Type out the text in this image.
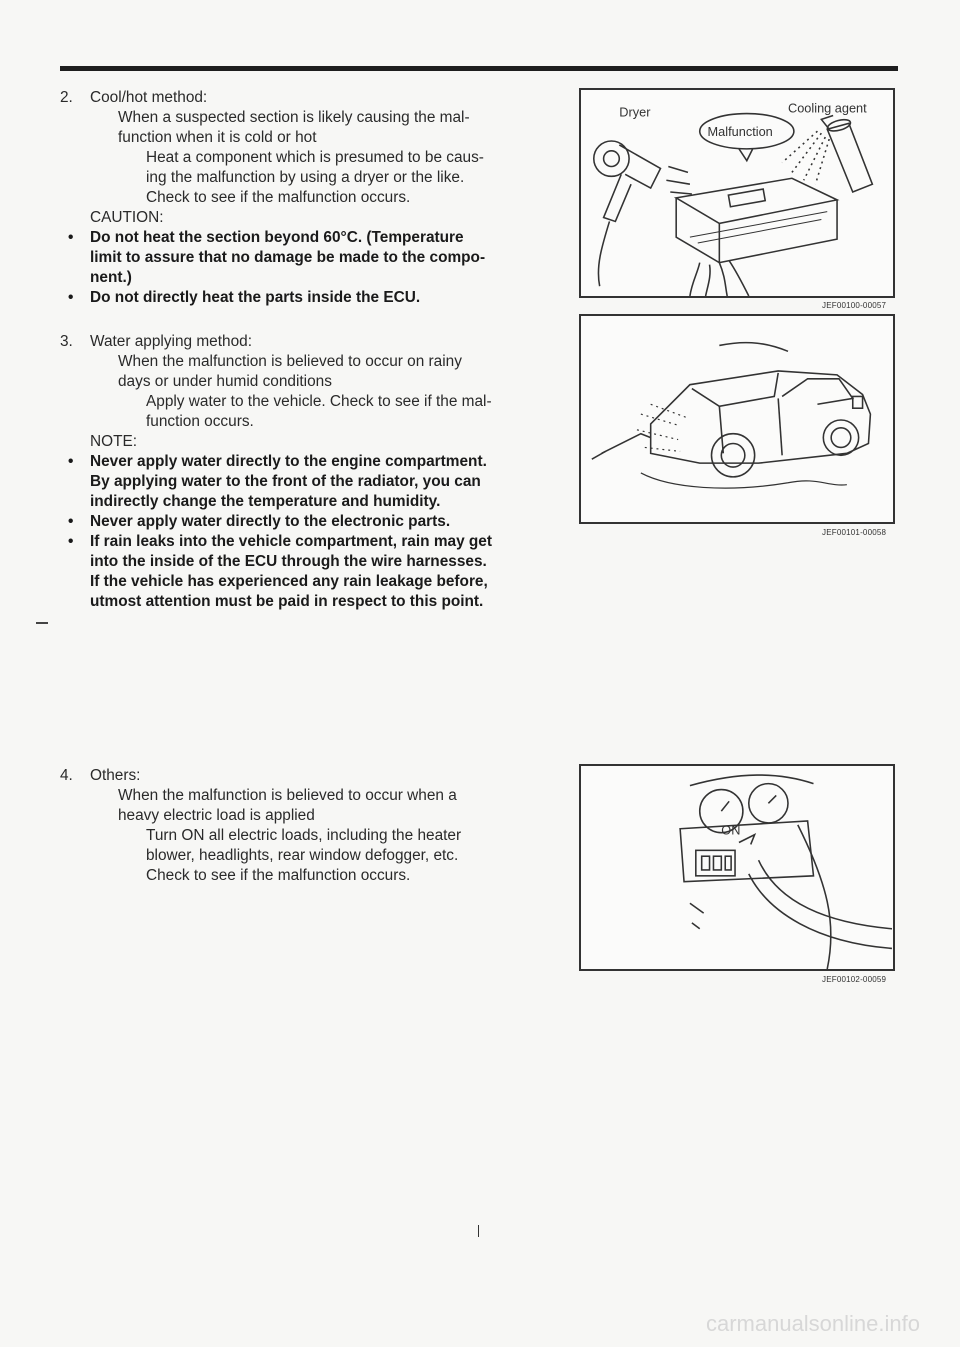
2.	Cool/hot method:
When a suspected section is likely causing the mal-
function when it is cold or hot
Heat a component which is presumed to be caus-
ing the malfunction by using a dryer or the like.
Check to see if the malfunction occurs.
CAUTION:
• Do not heat the section beyond 60°C. (Temperature
limit to assure that no damage be made to the compo-
nent.)
• Do not directly heat the parts inside the ECU.
3.	Water applying method:
When the malfunction is believed to occur on rainy
days or under humid conditions
Apply water to the vehicle. Check to see if the mal-
function occurs.
NOTE:
• Never apply water directly to the engine compartment.
By applying water to the front of the radiator, you can
indirectly change the temperature and humidity.
• Never apply water directly to the electronic parts.
• If rain leaks into the vehicle compartment, rain may get
into the inside of the ECU through the wire harnesses.
If the vehicle has experienced any rain leakage before,
utmost attention must be paid in respect to this point.
4.	Others:
When the malfunction is believed to occur when a
heavy electric load is applied
Turn ON all electric loads, including the heater
blower, headlights, rear window defogger, etc.
Check to see if the malfunction occurs.
Dryer
Malfunction
Cooling agent
JEF00100-00057
JEF00101-00058
ON
JEF00102-00059
carmanualsonline.info
